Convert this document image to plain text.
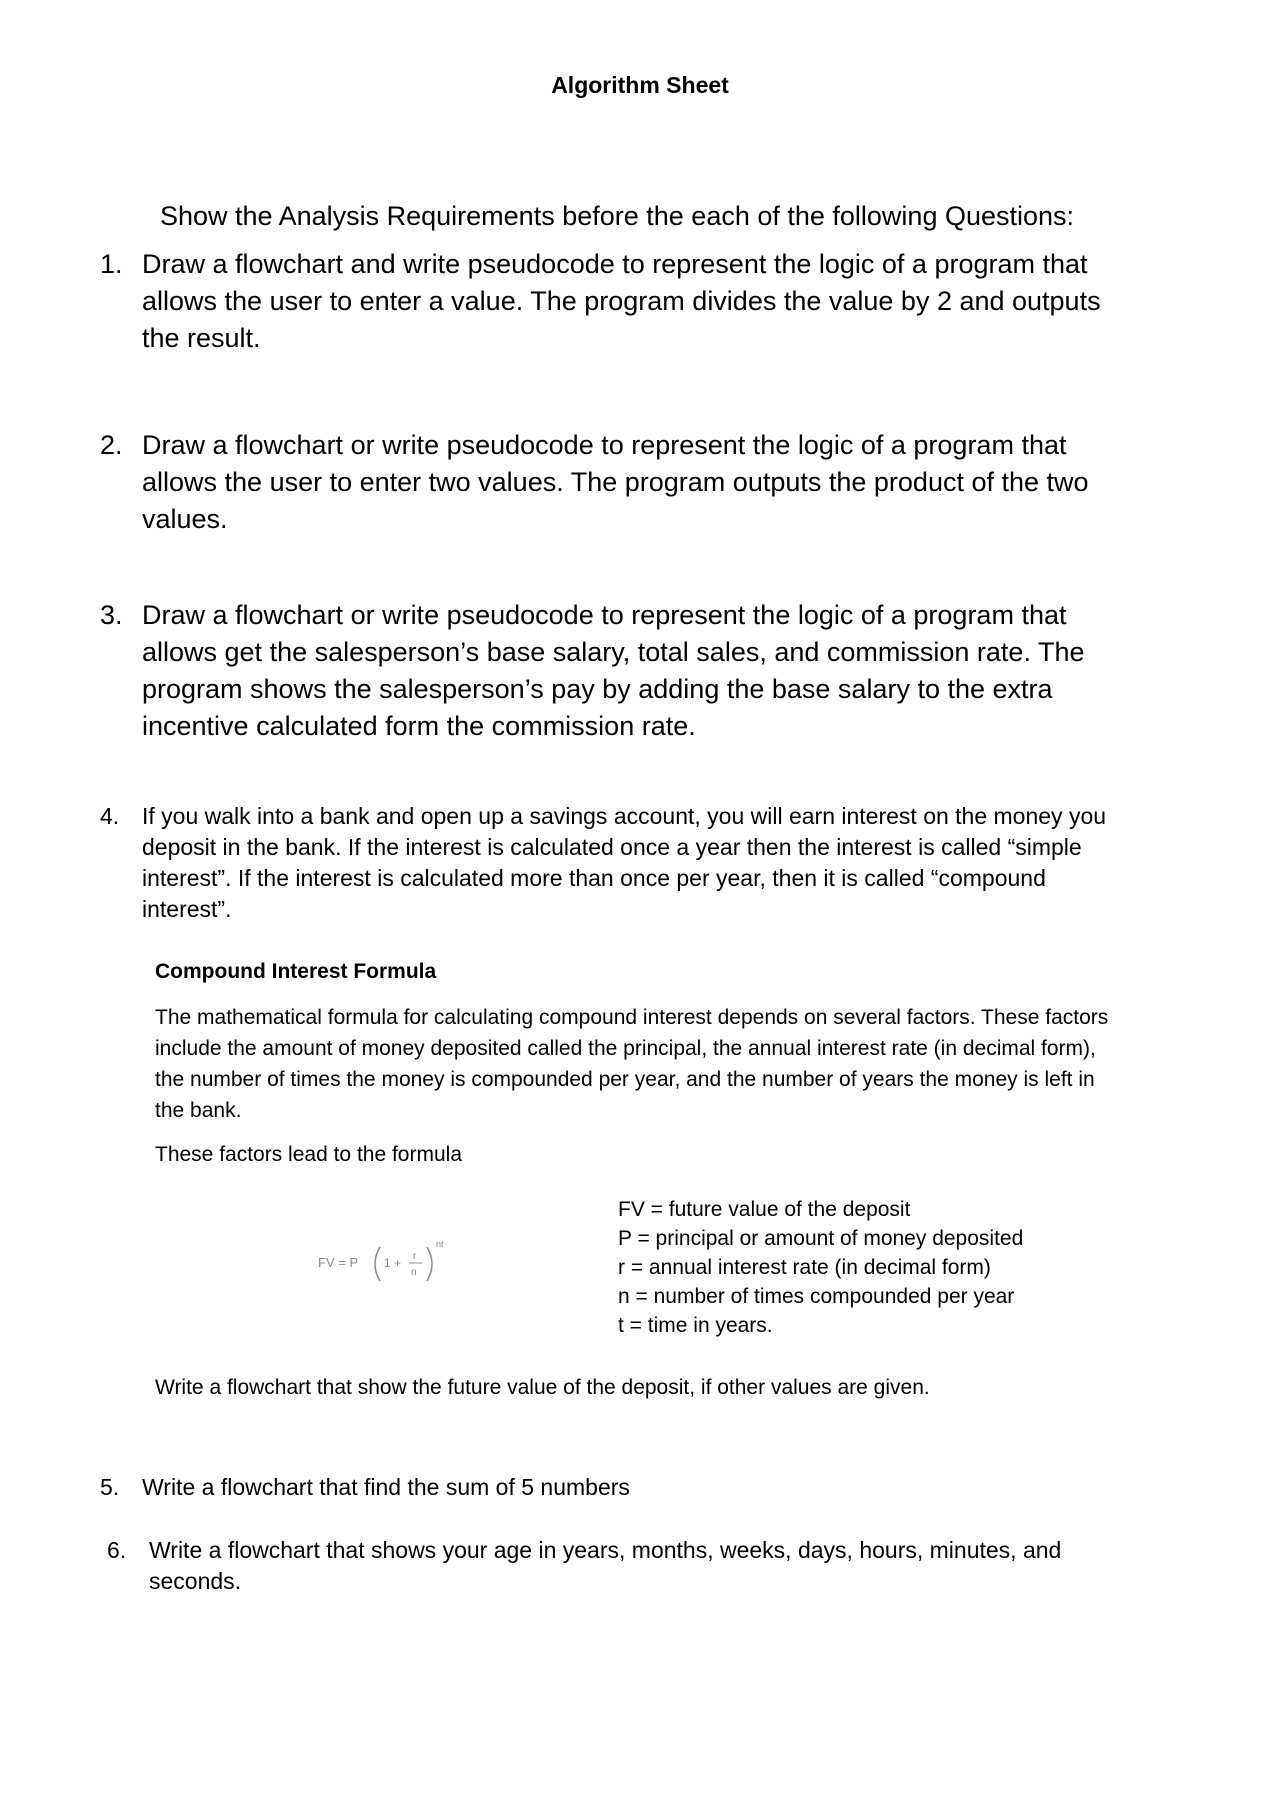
Algorithm Sheet
Show the Analysis Requirements before the each of the following Questions:
1. Draw a flowchart and write pseudocode to represent the logic of a program that allows the user to enter a value. The program divides the value by 2 and outputs the result.
2. Draw a flowchart or write pseudocode to represent the logic of a program that allows the user to enter two values. The program outputs the product of the two values.
3. Draw a flowchart or write pseudocode to represent the logic of a program that allows get the salesperson’s base salary, total sales, and commission rate. The program shows the salesperson’s pay by adding the base salary to the extra incentive calculated form the commission rate.
4. If you walk into a bank and open up a savings account, you will earn interest on the money you deposit in the bank. If the interest is calculated once a year then the interest is called “simple interest”. If the interest is calculated more than once per year, then it is called “compound interest”.
Compound Interest Formula
The mathematical formula for calculating compound interest depends on several factors. These factors include the amount of money deposited called the principal, the annual interest rate (in decimal form), the number of times the money is compounded per year, and the number of years the money is left in the bank.
These factors lead to the formula
FV = P 1 + r
n
nt
FV = future value of the deposit
P = principal or amount of money deposited
r = annual interest rate (in decimal form)
n = number of times compounded per year
t = time in years.
Write a flowchart that show the future value of the deposit, if other values are given.
5. Write a flowchart that find the sum of 5 numbers
6. Write a flowchart that shows your age in years, months, weeks, days, hours, minutes, and seconds.
